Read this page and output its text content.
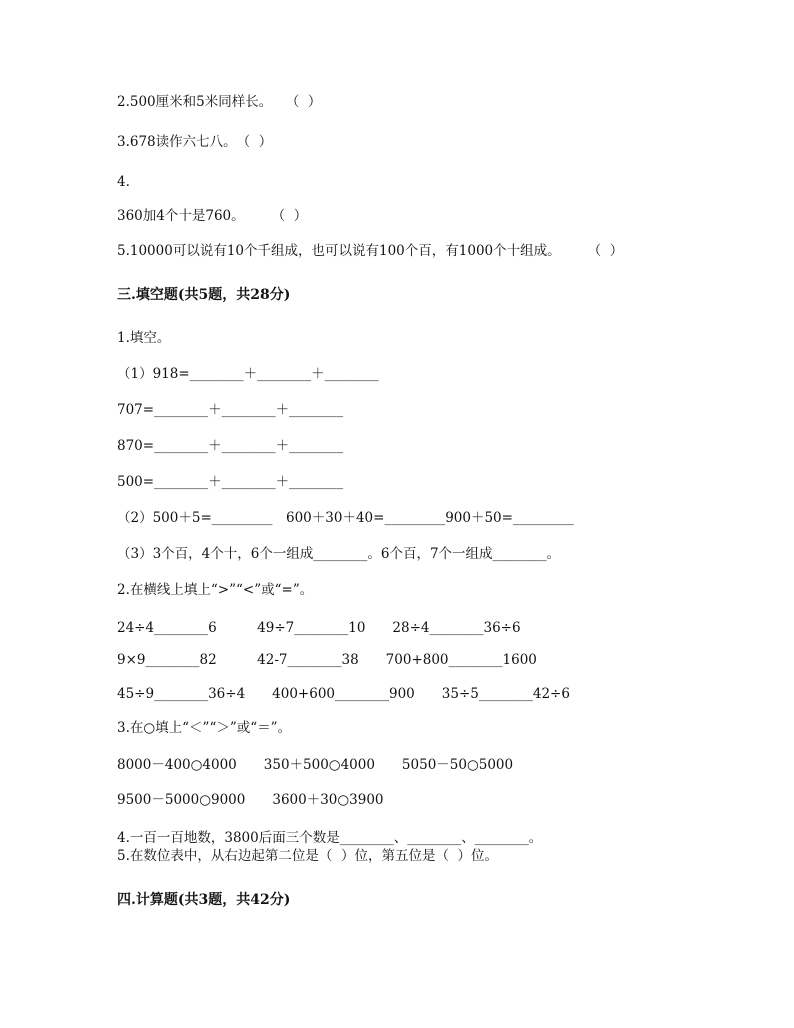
2.500厘米和5米同样长。　　（  ）
3.678读作六七八。　（  ）
4.
360加4个十是760。　　　（  ）
5.10000可以说有10个千组成，也可以说有100个百，有1000个十组成。　　　（  ）
三.填空题(共5题，共28分)
1.填空。
（1）918=________＋________＋________
707=________＋________＋________
870=________＋________＋________
500=________＋________＋________
（2）500＋5=_________　600＋30＋40=_________900＋50=_________
（3）3个百，4个十，6个一组成________。6个百，7个一组成________。
2.在横线上填上“>”“<”或“=”。
24÷4________6　　　49÷7________10　　28÷4________36÷6
9×9________82　　　42-7________38　　700+800________1600
45÷9________36÷4　　400+600________900　　35÷5________42÷6
3.在○填上“＜”“＞”或“＝”。
8000－400○4000　　350＋500○4000　　5050－50○5000
9500－5000○9000　　3600＋30○3900
4.一百一百地数，3800后面三个数是________、________、________。
5.在数位表中，从右边起第二位是（  ）位，第五位是（  ）位。
四.计算题(共3题，共42分)
